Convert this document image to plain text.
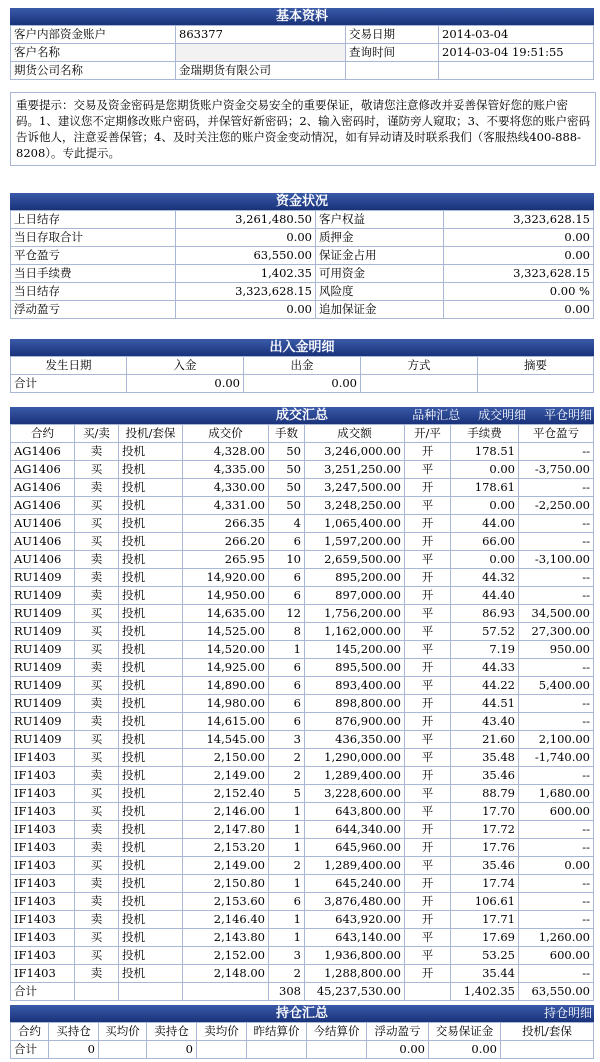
基本资料
客户内部资金账户	863377	交易日期	2014-03-04
客户名称		查询时间	2014-03-04 19:51:55
期货公司名称	金瑞期货有限公司		
重要提示：交易及资金密码是您期货账户资金交易安全的重要保证，敬请您注意修改并妥善保管好您的账户密码。1、建议您不定期修改账户密码，并保管好新密码；2、输入密码时，谨防旁人窥取；3、不要将您的账户密码告诉他人，注意妥善保管；4、及时关注您的账户资金变动情况，如有异动请及时联系我们（客服热线400-888-8208）。专此提示。
资金状况
上日结存	3,261,480.50	客户权益	3,323,628.15
当日存取合计	0.00	质押金	0.00
平仓盈亏	63,550.00	保证金占用	0.00
当日手续费	1,402.35	可用资金	3,323,628.15
当日结存	3,323,628.15	风险度	0.00 %
浮动盈亏	0.00	追加保证金	0.00
出入金明细
发生日期	入金	出金	方式	摘要
合计	0.00	0.00		
成交汇总	品种汇总 成交明细 平仓明细
合约	买/卖	投机/套保	成交价	手数	成交额	开/平	手续费	平仓盈亏
AG1406	卖	投机	4,328.00	50	3,246,000.00	开	178.51	--
AG1406	买	投机	4,335.00	50	3,251,250.00	平	0.00	-3,750.00
AG1406	卖	投机	4,330.00	50	3,247,500.00	开	178.61	--
AG1406	买	投机	4,331.00	50	3,248,250.00	平	0.00	-2,250.00
AU1406	买	投机	266.35	4	1,065,400.00	开	44.00	--
AU1406	买	投机	266.20	6	1,597,200.00	开	66.00	--
AU1406	卖	投机	265.95	10	2,659,500.00	平	0.00	-3,100.00
RU1409	卖	投机	14,920.00	6	895,200.00	开	44.32	--
RU1409	卖	投机	14,950.00	6	897,000.00	开	44.40	--
RU1409	买	投机	14,635.00	12	1,756,200.00	平	86.93	34,500.00
RU1409	买	投机	14,525.00	8	1,162,000.00	平	57.52	27,300.00
RU1409	买	投机	14,520.00	1	145,200.00	平	7.19	950.00
RU1409	卖	投机	14,925.00	6	895,500.00	开	44.33	--
RU1409	买	投机	14,890.00	6	893,400.00	平	44.22	5,400.00
RU1409	卖	投机	14,980.00	6	898,800.00	开	44.51	--
RU1409	卖	投机	14,615.00	6	876,900.00	开	43.40	--
RU1409	买	投机	14,545.00	3	436,350.00	平	21.60	2,100.00
IF1403	买	投机	2,150.00	2	1,290,000.00	平	35.48	-1,740.00
IF1403	卖	投机	2,149.00	2	1,289,400.00	开	35.46	--
IF1403	买	投机	2,152.40	5	3,228,600.00	平	88.79	1,680.00
IF1403	买	投机	2,146.00	1	643,800.00	平	17.70	600.00
IF1403	卖	投机	2,147.80	1	644,340.00	开	17.72	--
IF1403	卖	投机	2,153.20	1	645,960.00	开	17.76	--
IF1403	买	投机	2,149.00	2	1,289,400.00	平	35.46	0.00
IF1403	卖	投机	2,150.80	1	645,240.00	开	17.74	--
IF1403	卖	投机	2,153.60	6	3,876,480.00	开	106.61	--
IF1403	卖	投机	2,146.40	1	643,920.00	开	17.71	--
IF1403	买	投机	2,143.80	1	643,140.00	平	17.69	1,260.00
IF1403	买	投机	2,152.00	3	1,936,800.00	平	53.25	600.00
IF1403	卖	投机	2,148.00	2	1,288,800.00	开	35.44	--
合计				308	45,237,530.00		1,402.35	63,550.00
持仓汇总	持仓明细
合约	买持仓	买均价	卖持仓	卖均价	昨结算价	今结算价	浮动盈亏	交易保证金	投机/套保
合计	0		0				0.00	0.00	
